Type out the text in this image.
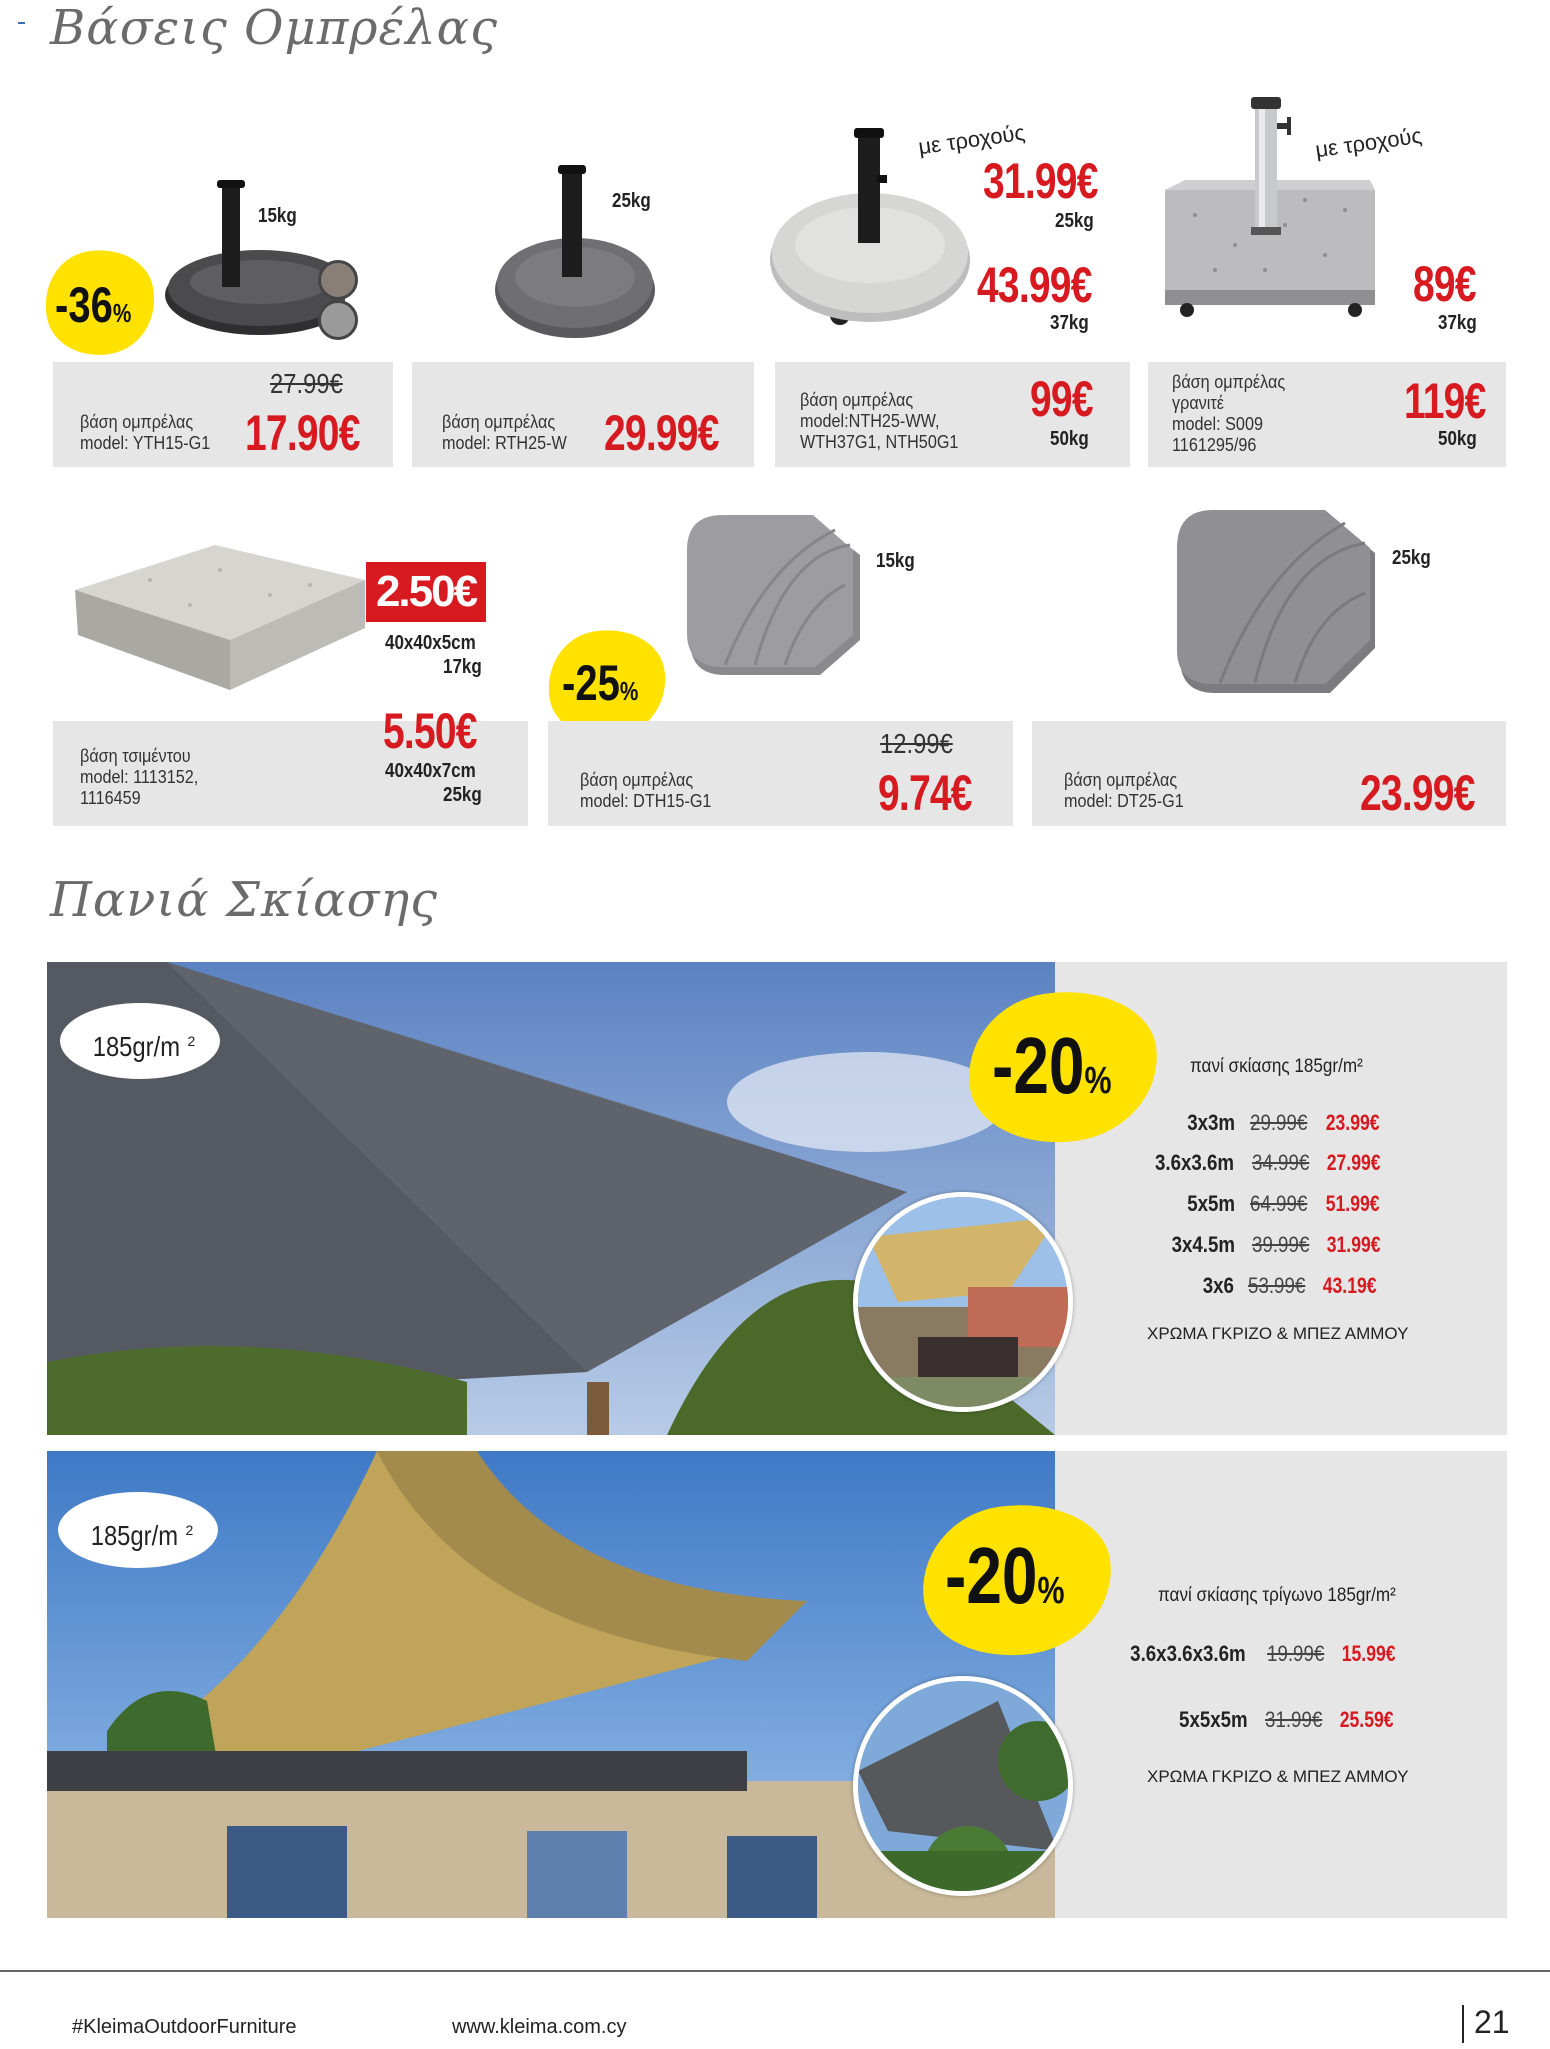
Βάσεις Ομπρέλας
15kg
-36%
βάση ομπρέλας
model: YTH15-G1
27.99€
17.90€
25kg
βάση ομπρέλας
model: RTH25-W 29.99€
με τροχούς
31.99€
25kg
43.99€
37kg
βάση ομπρέλας
model:NTH25-WW,
WTH37G1, NTH50G1
99€
50kg
με τροχούς
89€
37kg
βάση ομπρέλας
γρανιτέ
model: S009
1161295/96
119€
50kg
2.50€
40x40x5cm
17kg
βάση τσιμέντου
model: 1113152,
1116459
5.50€
40x40x7cm
25kg
15kg
-25%
βάση ομπρέλας
model: DTH15-G1
12.99€
9.74€
25kg
βάση ομπρέλας
model: DT25-G1	23.99€
Πανιά Σκίασης
185gr/m $^2$	-20%	πανί σκίασης 185gr/m²
3x3m 29.99€ 23.99€
3.6x3.6m 34.99€ 27.99€
5x5m 64.99€ 51.99€
3x4.5m 39.99€ 31.99€
3x6 53.99€ 43.19€
ΧΡΩΜΑ ΓΚΡΙΖΟ & ΜΠΕΖ ΑΜΜΟΥ
185gr/m $^2$
-20%	πανί σκίασης τρίγωνο 185gr/m²
3.6x3.6x3.6m 19.99€ 15.99€
5x5x5m 31.99€ 25.59€
ΧΡΩΜΑ ΓΚΡΙΖΟ & ΜΠΕΖ ΑΜΜΟΥ
#KleimaOutdoorFurniture	www.kleima.com.cy	21
